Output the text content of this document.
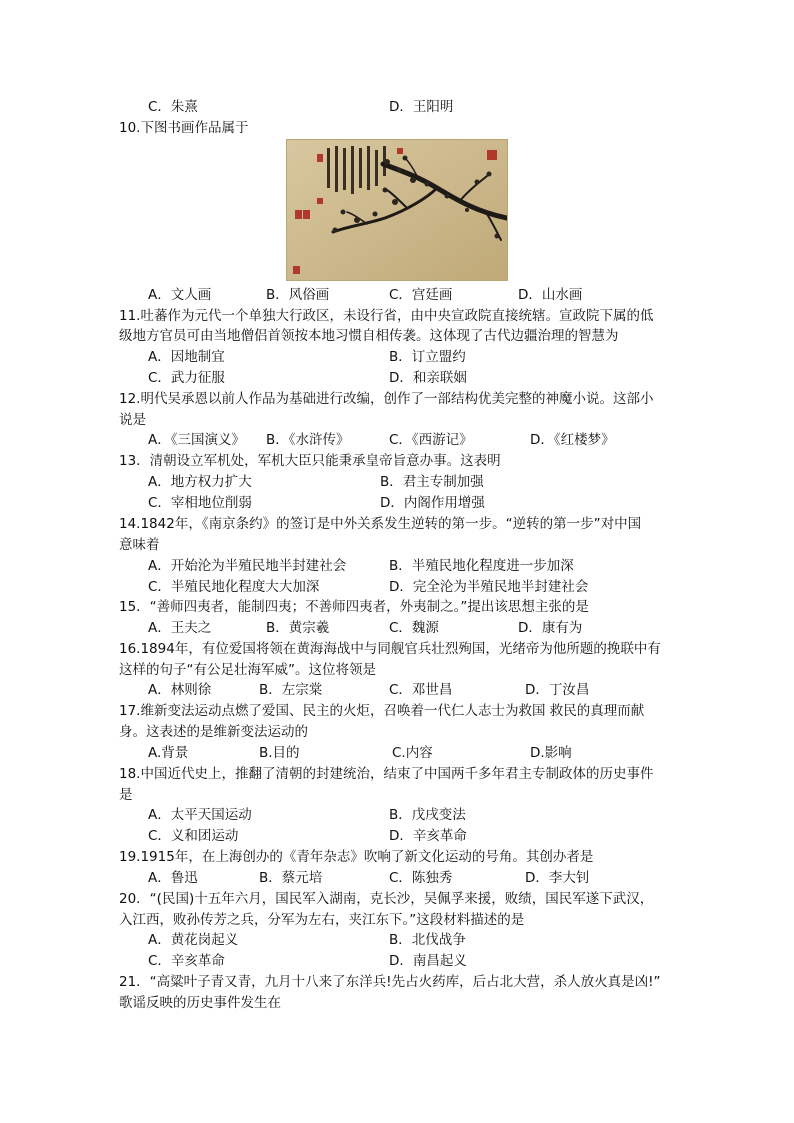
C．朱熹	D．王阳明
10.下图书画作品属于
A．文人画	B．风俗画	C．宫廷画	D．山水画
11.吐蕃作为元代一个单独大行政区，未设行省，由中央宣政院直接统辖。宣政院下属的低
级地方官员可由当地僧侣首领按本地习惯自相传袭。这体现了古代边疆治理的智慧为
A．因地制宜	B．订立盟约
C．武力征服	D．和亲联姻
12.明代吴承恩以前人作品为基础进行改编，创作了一部结构优美完整的神魔小说。这部小
说是
A．《三国演义》 B．《水浒传》	C．《西游记》	D．《红楼梦》
13．清朝设立军机处，军机大臣只能秉承皇帝旨意办事。这表明
A．地方权力扩大	B．君主专制加强
C．宰相地位削弱	D．内阁作用增强
14.1842年，《南京条约》的签订是中外关系发生逆转的第一步。“逆转的第一步”对中国
意味着
A．开始沦为半殖民地半封建社会	B．半殖民地化程度进一步加深
C．半殖民地化程度大大加深	D．完全沦为半殖民地半封建社会
15．“善师四夷者，能制四夷；不善师四夷者，外夷制之。”提出该思想主张的是
A．王夫之	B．黄宗羲	C．魏源	D．康有为
16.1894年，有位爱国将领在黄海海战中与同舰官兵壮烈殉国，光绪帝为他所题的挽联中有
这样的句子“有公足壮海军威”。这位将领是
A．林则徐	B．左宗棠	C．邓世昌	D．丁汝昌
17.维新变法运动点燃了爱国、民主的火炬，召唤着一代仁人志士为救国 救民的真理而献
身。这表述的是维新变法运动的
A.背景	B.目的	C.内容	D.影响
18.中国近代史上，推翻了清朝的封建统治，结束了中国两千多年君主专制政体的历史事件
是
A．太平天国运动	B．戊戌变法
C．义和团运动	D．辛亥革命
19.1915年，在上海创办的《青年杂志》吹响了新文化运动的号角。其创办者是
A．鲁迅	B．蔡元培	C．陈独秀	D．李大钊
20．“(民国)十五年六月，国民军入湖南，克长沙，吴佩孚来援，败绩，国民军遂下武汉，
入江西，败孙传芳之兵，分军为左右，夹江东下。”这段材料描述的是
A．黄花岗起义	B．北伐战争
C．辛亥革命	D．南昌起义
21．“高粱叶子青又青，九月十八来了东洋兵!先占火药库，后占北大营，杀人放火真是凶!”
歌谣反映的历史事件发生在
